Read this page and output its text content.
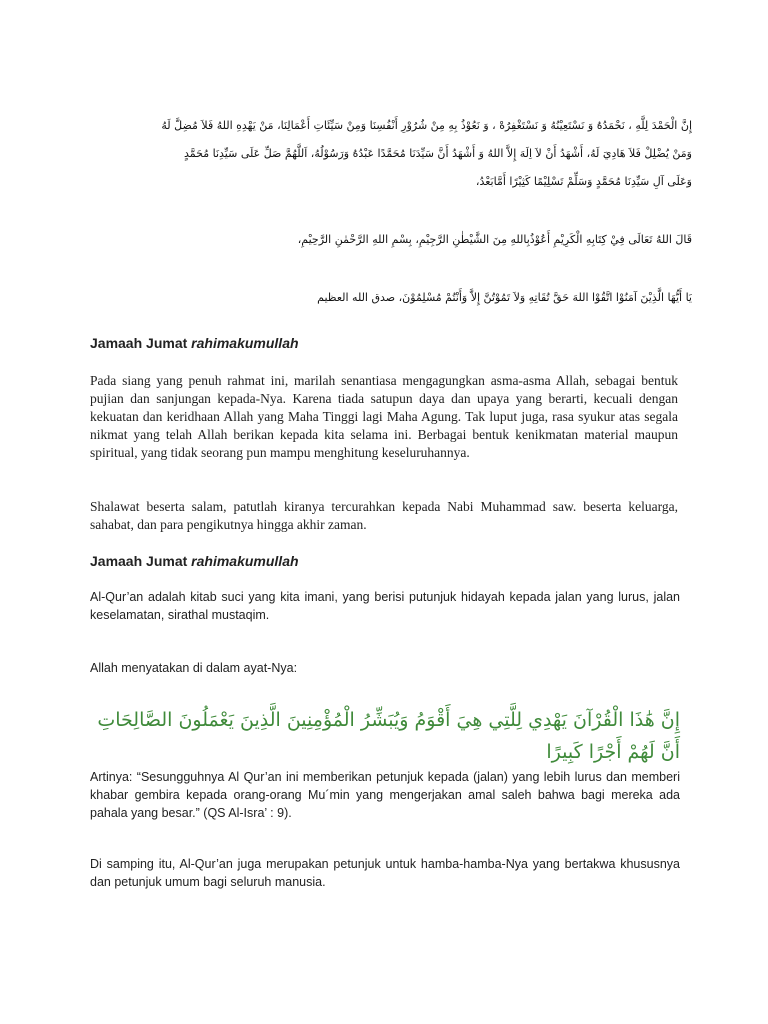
إِنَّ الْحَمْدَ لِلَّهِ ، نَحْمَدُهُ وَ نَسْتَعِيْنُهُ وَ نَسْتَغْفِرُهْ ، وَ نَعُوْذُ بِهِ مِنْ شُرُوْرِ أَنْفُسِنَا وَمِنْ سَيِّئَاتِ أَعْمَالِنَا، مَنْ يَهْدِهِ اللهُ فَلاَ مُضِلَّ لَهُ
وَمَنْ يُضْلِلْ فَلاَ هَادِيَ لَهُ، أَشْهَدُ أَنْ لاَ اِلَهَ إِلاَّ اللهُ وَ أَشْهَدُ أَنَّ سَيِّدَنَا مُحَمَّدًا عَبْدُهُ وَرَسُوْلُهُ، اَللَّهُمَّ صَلِّ عَلَى سَيِّدِنَا مُحَمَّدٍ
وَعَلَى آلِ سَيِّدِنَا مُحَمَّدٍ وَسَلِّمْ تَسْلِيْمًا كَثِيْرًا أَمَّابَعْدُ،
قَالَ اللهُ تَعَالَى فِيْ كِتَابِهِ الْكَرِيْمِ أَعُوْذُبِاللهِ مِنَ الشَّيْطٰنِ الرَّجِيْمِ، بِسْمِ اللهِ الرَّحْمٰنِ الرَّحِيْمِ،
يَا أَيُّهَا الَّذِيْنَ آمَنُوْا اتَّقُوْا اللهَ حَقَّ تُقَاتِهِ وَلاَ تَمُوْتُنَّ إِلاَّ وَأَنْتُمْ مُسْلِمُوْنَ، صدق الله العظيم
Jamaah Jumat rahimakumullah

Pada siang yang penuh rahmat ini, marilah senantiasa mengagungkan asma-asma Allah, sebagai bentuk pujian dan sanjungan kepada-Nya. Karena tiada satupun daya dan upaya yang berarti, kecuali dengan kekuatan dan keridhaan Allah yang Maha Tinggi lagi Maha Agung. Tak luput juga, rasa syukur atas segala nikmat yang telah Allah berikan kepada kita selama ini. Berbagai bentuk kenikmatan material maupun spiritual, yang tidak seorang pun mampu menghitung keseluruhannya.

Shalawat beserta salam, patutlah kiranya tercurahkan kepada Nabi Muhammad saw. beserta keluarga, sahabat, dan para pengikutnya hingga akhir zaman.

Jamaah Jumat rahimakumullah

Al-Qur’an adalah kitab suci yang kita imani, yang berisi putunjuk hidayah kepada jalan yang lurus, jalan keselamatan, sirathal mustaqim.

Allah menyatakan di dalam ayat-Nya:

إِنَّ هَٰذَا الْقُرْآنَ يَهْدِي لِلَّتِي هِيَ أَقْوَمُ وَيُبَشِّرُ الْمُؤْمِنِينَ الَّذِينَ يَعْمَلُونَ الصَّالِحَاتِ أَنَّ لَهُمْ أَجْرًا كَبِيرًا

Artinya: “Sesungguhnya Al Qur’an ini memberikan petunjuk kepada (jalan) yang lebih lurus dan memberi khabar gembira kepada orang-orang Mu´min yang mengerjakan amal saleh bahwa bagi mereka ada pahala yang besar.” (QS Al-Isra’ : 9).

Di samping itu, Al-Qur’an juga merupakan petunjuk untuk hamba-hamba-Nya yang bertakwa khususnya dan petunjuk umum bagi seluruh manusia.
